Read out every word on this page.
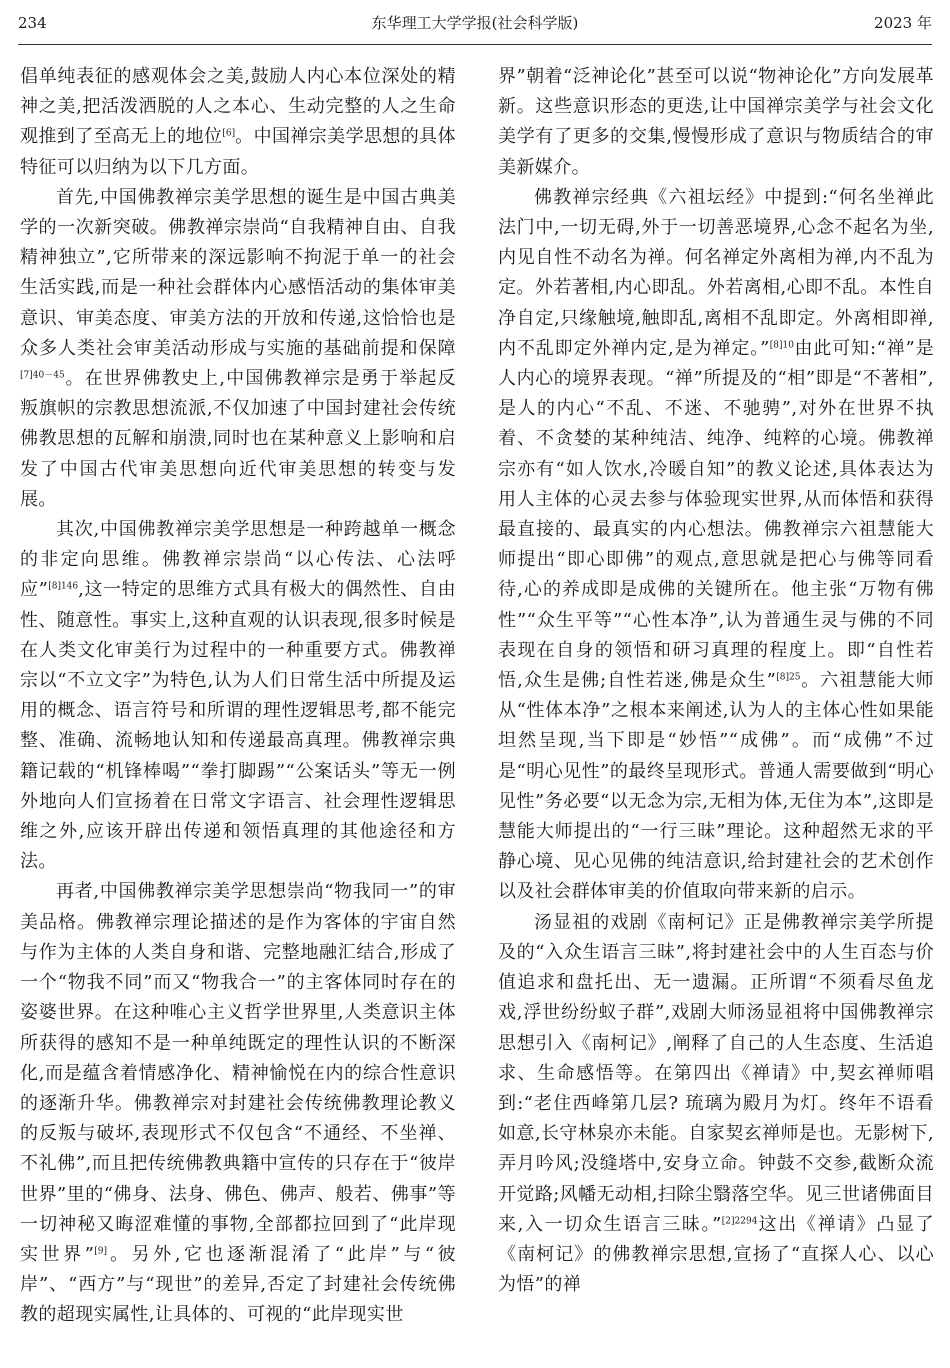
234	东华理工大学学报(社会科学版)	2023 年

倡单纯表征的感观体会之美,鼓励人内心本位深处的精神之美,把活泼洒脱的人之本心、生动完整的人之生命观推到了至高无上的地位[6]。中国禅宗美学思想的具体特征可以归纳为以下几方面。

首先,中国佛教禅宗美学思想的诞生是中国古典美学的一次新突破。佛教禅宗崇尚“自我精神自由、自我精神独立”,它所带来的深远影响不拘泥于单一的社会生活实践,而是一种社会群体内心感悟活动的集体审美意识、审美态度、审美方法的开放和传递,这恰恰也是众多人类社会审美活动形成与实施的基础前提和保障$^{[7]40-45}$。在世界佛教史上,中国佛教禅宗是勇于举起反叛旗帜的宗教思想流派,不仅加速了中国封建社会传统佛教思想的瓦解和崩溃,同时也在某种意义上影响和启发了中国古代审美思想向近代审美思想的转变与发展。

其次,中国佛教禅宗美学思想是一种跨越单一概念的非定向思维。佛教禅宗崇尚“以心传法、心法呼应”$^{[8]146}$,这一特定的思维方式具有极大的偶然性、自由性、随意性。事实上,这种直观的认识表现,很多时候是在人类文化审美行为过程中的一种重要方式。佛教禅宗以“不立文字”为特色,认为人们日常生活中所提及运用的概念、语言符号和所谓的理性逻辑思考,都不能完整、准确、流畅地认知和传递最高真理。佛教禅宗典籍记载的“机锋棒喝”“拳打脚踢”“公案话头”等无一例外地向人们宣扬着在日常文字语言、社会理性逻辑思维之外,应该开辟出传递和领悟真理的其他途径和方法。

再者,中国佛教禅宗美学思想崇尚“物我同一”的审美品格。佛教禅宗理论描述的是作为客体的宇宙自然与作为主体的人类自身和谐、完整地融汇结合,形成了一个“物我不同”而又“物我合一”的主客体同时存在的姿婆世界。在这种唯心主义哲学世界里,人类意识主体所获得的感知不是一种单纯既定的理性认识的不断深化,而是蕴含着情感净化、精神愉悦在内的综合性意识的逐渐升华。佛教禅宗对封建社会传统佛教理论教义的反叛与破坏,表现形式不仅包含“不通经、不坐禅、不礼佛”,而且把传统佛教典籍中宣传的只存在于“彼岸世界”里的“佛身、法身、佛色、佛声、般若、佛事”等一切神秘又晦涩难懂的事物,全部都拉回到了“此岸现实世界”[9]。另外,它也逐渐混淆了“此岸”与“彼岸”、“西方”与“现世”的差异,否定了封建社会传统佛教的超现实属性,让具体的、可视的“此岸现实世

界”朝着“泛神论化”甚至可以说“物神论化”方向发展革新。这些意识形态的更迭,让中国禅宗美学与社会文化美学有了更多的交集,慢慢形成了意识与物质结合的审美新媒介。

佛教禅宗经典《六祖坛经》中提到:“何名坐禅此法门中,一切无碍,外于一切善恶境界,心念不起名为坐,内见自性不动名为禅。何名禅定外离相为禅,内不乱为定。外若著相,内心即乱。外若离相,心即不乱。本性自净自定,只缘触境,触即乱,离相不乱即定。外离相即禅,内不乱即定外禅内定,是为禅定。”$^{[8]10}$由此可知:“禅”是人内心的境界表现。“禅”所提及的“相”即是“不著相”,是人的内心“不乱、不迷、不驰骋”,对外在世界不执着、不贪婪的某种纯洁、纯净、纯粹的心境。佛教禅宗亦有“如人饮水,冷暖自知”的教义论述,具体表达为用人主体的心灵去参与体验现实世界,从而体悟和获得最直接的、最真实的内心想法。佛教禅宗六祖慧能大师提出“即心即佛”的观点,意思就是把心与佛等同看待,心的养成即是成佛的关键所在。他主张“万物有佛性”“众生平等”“心性本净”,认为普通生灵与佛的不同表现在自身的领悟和研习真理的程度上。即“自性若悟,众生是佛;自性若迷,佛是众生”$^{[8]25}$。六祖慧能大师从“性体本净”之根本来阐述,认为人的主体心性如果能坦然呈现,当下即是“妙悟”“成佛”。而“成佛”不过是“明心见性”的最终呈现形式。普通人需要做到“明心见性”务必要“以无念为宗,无相为体,无住为本”,这即是慧能大师提出的“一行三昧”理论。这种超然无求的平静心境、见心见佛的纯洁意识,给封建社会的艺术创作以及社会群体审美的价值取向带来新的启示。

汤显祖的戏剧《南柯记》正是佛教禅宗美学所提及的“入众生语言三昧”,将封建社会中的人生百态与价值追求和盘托出、无一遗漏。正所谓“不须看尽鱼龙戏,浮世纷纷蚁子群”,戏剧大师汤显祖将中国佛教禅宗思想引入《南柯记》,阐释了自己的人生态度、生活追求、生命感悟等。在第四出《禅请》中,契玄禅师唱到:“老住西峰第几层? 琉璃为殿月为灯。终年不语看如意,长守林泉亦未能。自家契玄禅师是也。无影树下,弄月吟风;没缝塔中,安身立命。钟鼓不交参,截断众流开觉路;风幡无动相,扫除尘翳落空华。见三世诸佛面目来,入一切众生语言三昧。”$^{[2]2294}$这出《禅请》凸显了《南柯记》的佛教禅宗思想,宣扬了“直探人心、以心为悟”的禅
